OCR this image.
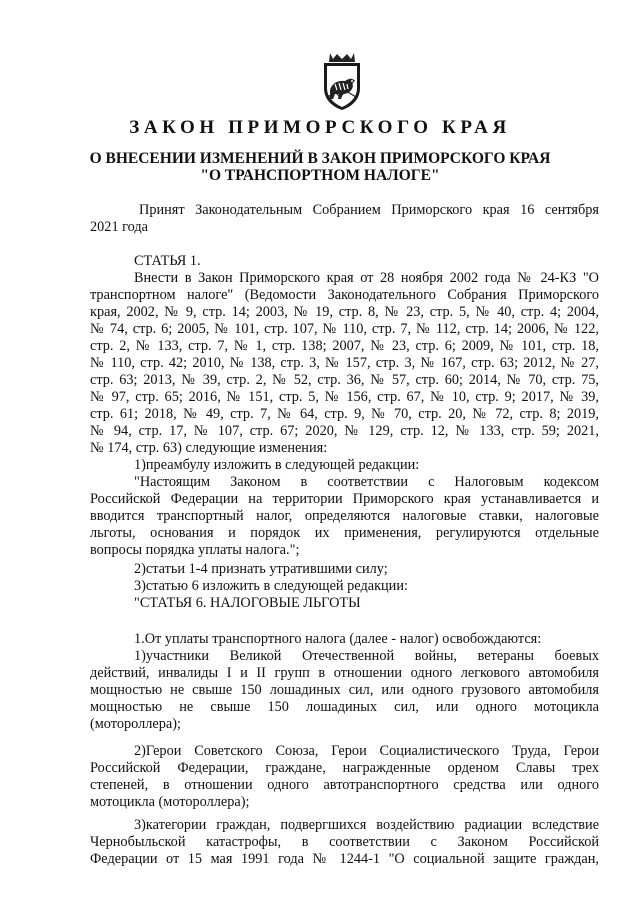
ЗАКОН ПРИМОРСКОГО КРАЯ
О ВНЕСЕНИИ ИЗМЕНЕНИЙ В ЗАКОН ПРИМОРСКОГО КРАЯ
"О ТРАНСПОРТНОМ НАЛОГЕ"
Принят Законодательным Собранием Приморского края 16 сентября
2021 года
СТАТЬЯ 1.
Внести в Закон Приморского края от 28 ноября 2002 года № 24-КЗ "О
транспортном налоге" (Ведомости Законодательного Собрания Приморского
края, 2002, № 9, стр. 14; 2003, № 19, стр. 8, № 23, стр. 5, № 40, стр. 4; 2004,
№ 74, стр. 6; 2005, № 101, стр. 107, № 110, стр. 7, № 112, стр. 14; 2006, № 122,
стр. 2, № 133, стр. 7, № 1, стр. 138; 2007, № 23, стр. 6; 2009, № 101, стр. 18,
№ 110, стр. 42; 2010, № 138, стр. 3, № 157, стр. 3, № 167, стр. 63; 2012, № 27,
стр. 63; 2013, № 39, стр. 2, № 52, стр. 36, № 57, стр. 60; 2014, № 70, стр. 75,
№ 97, стр. 65; 2016, № 151, стр. 5, № 156, стр. 67, № 10, стр. 9; 2017, № 39,
стр. 61; 2018, № 49, стр. 7, № 64, стр. 9, № 70, стр. 20, № 72, стр. 8; 2019,
№ 94, стр. 17, № 107, стр. 67; 2020, № 129, стр. 12, № 133, стр. 59; 2021,
№ 174, стр. 63) следующие изменения:
1)преамбулу изложить в следующей редакции:
"Настоящим Законом в соответствии с Налоговым кодексом
Российской Федерации на территории Приморского края устанавливается и
вводится транспортный налог, определяются налоговые ставки, налоговые
льготы, основания и порядок их применения, регулируются отдельные
вопросы порядка уплаты налога.";
2)статьи 1-4 признать утратившими силу;
3)статью 6 изложить в следующей редакции:
"СТАТЬЯ 6. НАЛОГОВЫЕ ЛЬГОТЫ
1.От уплаты транспортного налога (далее - налог) освобождаются:
1)участники Великой Отечественной войны, ветераны боевых
действий, инвалиды I и II групп в отношении одного легкового автомобиля
мощностью не свыше 150 лошадиных сил, или одного грузового автомобиля
мощностью не свыше 150 лошадиных сил, или одного мотоцикла
(мотороллера);
2)Герои Советского Союза, Герои Социалистического Труда, Герои
Российской Федерации, граждане, награжденные орденом Славы трех
степеней, в отношении одного автотранспортного средства или одного
мотоцикла (мотороллера);
3)категории граждан, подвергшихся воздействию радиации вследствие
Чернобыльской катастрофы, в соответствии с Законом Российской
Федерации от 15 мая 1991 года № 1244-1 "О социальной защите граждан,
